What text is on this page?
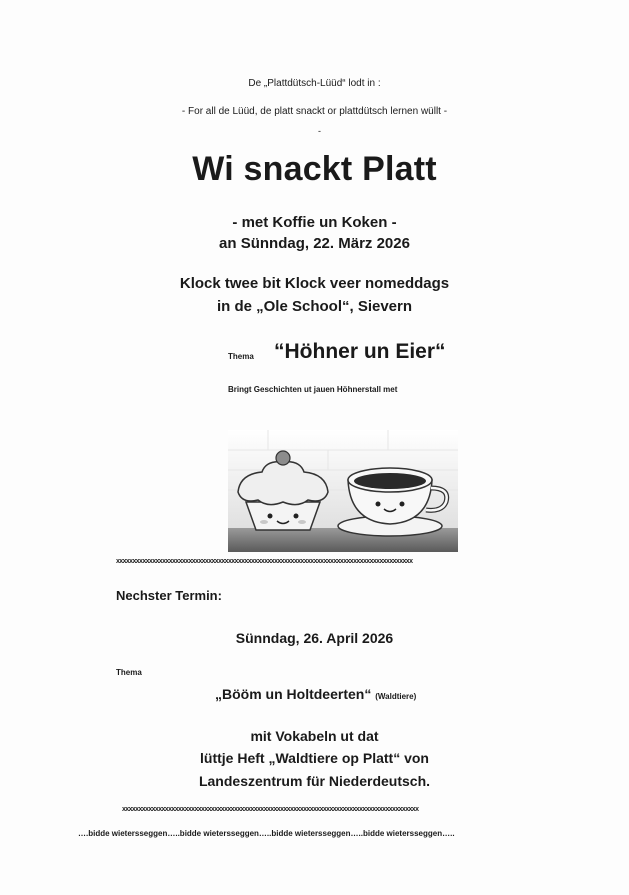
De „Plattdütsch-Lüüd“ lodt in :
- For all de Lüüd, de platt snackt or plattdütsch lernen wüllt -
-
Wi snackt Platt
- met Koffie un Koken -
an Sünndag, 22. März 2026
Klock twee bit Klock veer nomeddags
in de „Ole School“, Sievern
Thema “Höhner un Eier“
Bringt Geschichten ut jauen Höhnerstall met
xxxxxxxxxxxxxxxxxxxxxxxxxxxxxxxxxxxxxxxxxxxxxxxxxxxxxxxxxxxxxxxxxxxxxxxxxxxxxxxxxxxxxxxxxx
Nechster Termin:
Sünndag, 26. April 2026
Thema
„Bööm un Holtdeerten“ (Waldtiere)
mit Vokabeln ut dat
lüttje Heft „Waldtiere op Platt“ von
Landeszentrum für Niederdeutsch.
xxxxxxxxxxxxxxxxxxxxxxxxxxxxxxxxxxxxxxxxxxxxxxxxxxxxxxxxxxxxxxxxxxxxxxxxxxxxxxxxxxxxxxxxxx
….bidde wietersseggen…..bidde wietersseggen…..bidde wietersseggen…..bidde wietersseggen…..
